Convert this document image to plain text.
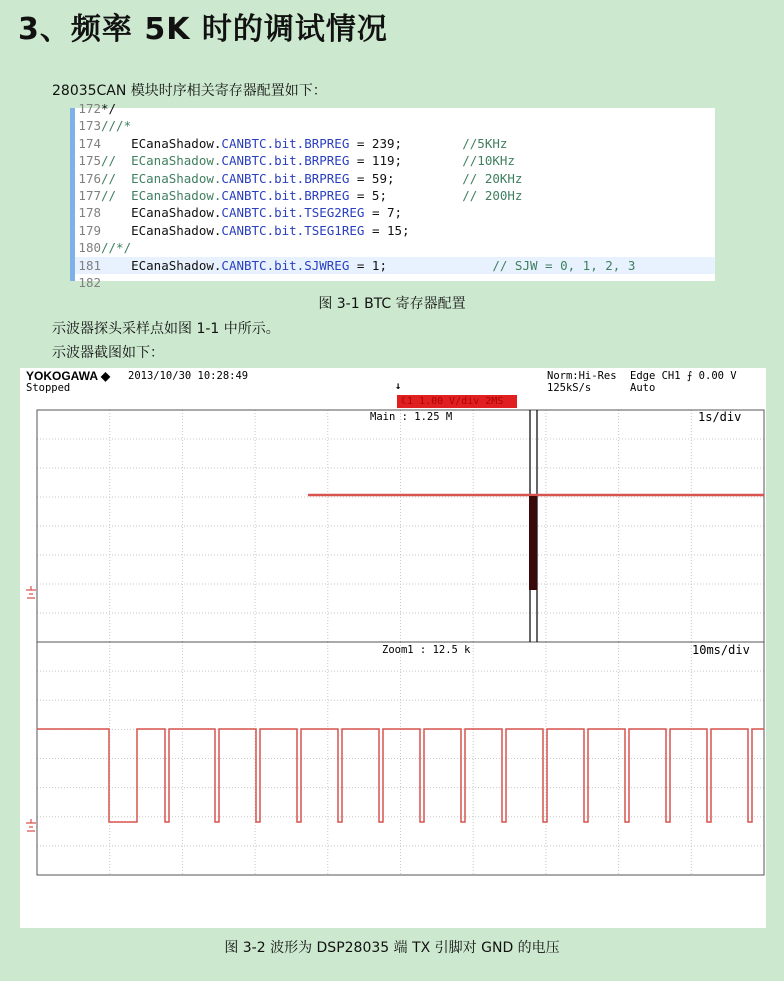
3、频率 5K 时的调试情况
28035CAN 模块时序相关寄存器配置如下：
172*/
173///*
174    ECanaShadow.CANBTC.bit.BRPREG = 239;        //5KHz
175//  ECanaShadow.CANBTC.bit.BRPREG = 119;        //10KHz
176//  ECanaShadow.CANBTC.bit.BRPREG = 59;         // 20KHz
177//  ECanaShadow.CANBTC.bit.BRPREG = 5;          // 200Hz
178    ECanaShadow.CANBTC.bit.TSEG2REG = 7;
179    ECanaShadow.CANBTC.bit.TSEG1REG = 15;
180//*/
181    ECanaShadow.CANBTC.bit.SJWREG = 1;              // SJW = 0, 1, 2, 3
182
图 3-1 BTC 寄存器配置
示波器探头采样点如图 1-1 中所示。
示波器截图如下：
YOKOGAWA ◆ 2013/10/30 10:28:49
Stopped
Norm:Hi-Res
125kS/s
Edge CH1 ⨍ 0.00 V
Auto
↓
ℂ1 1.00 V/div 2MS
Main : 1.25 M	1s/div
Zoom1 : 12.5 k	10ms/div
图 3-2 波形为 DSP28035 端 TX 引脚对 GND 的电压
